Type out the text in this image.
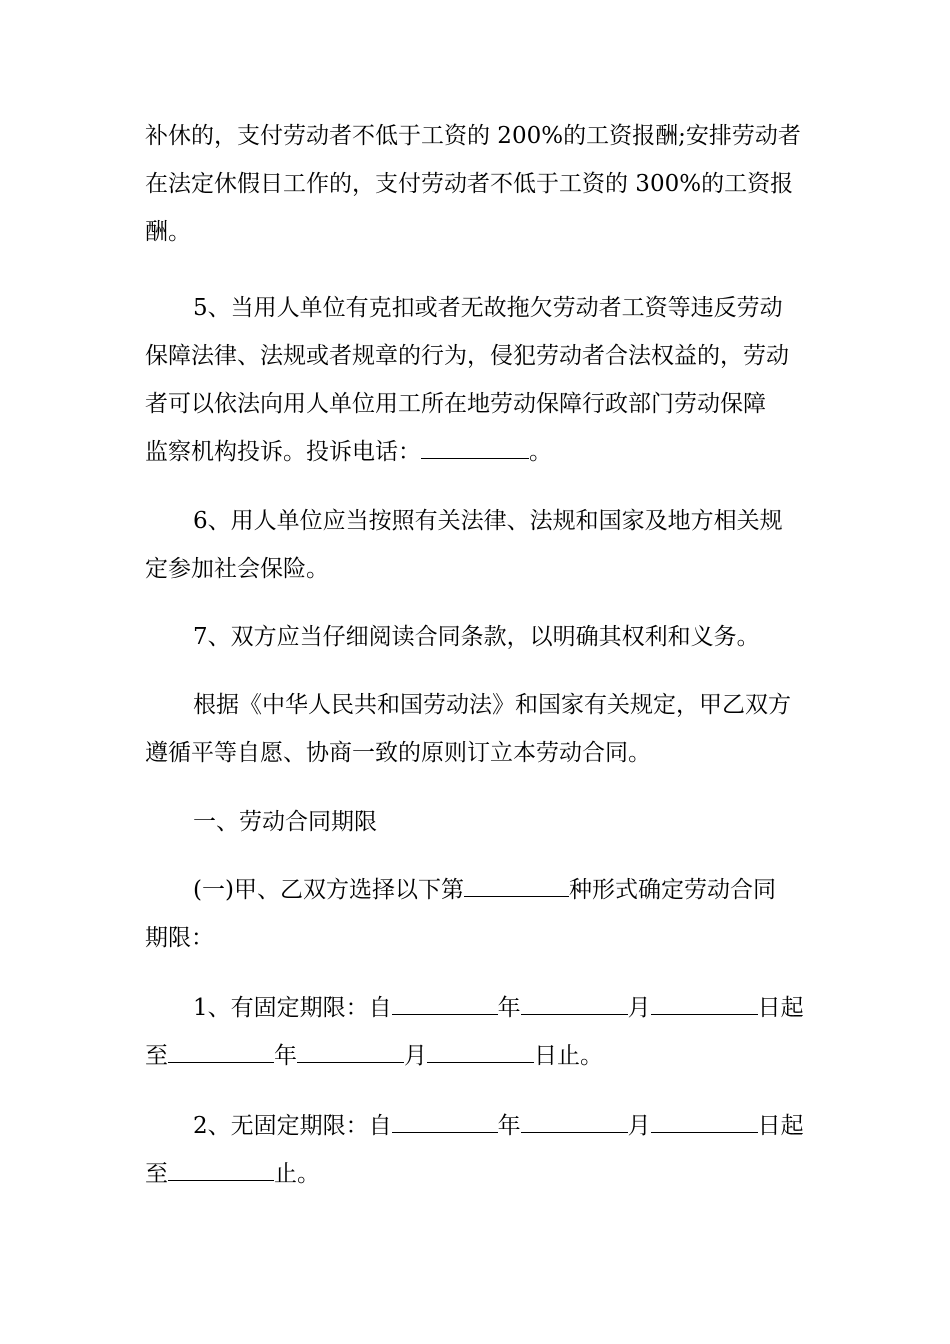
补休的，支付劳动者不低于工资的 200%的工资报酬;安排劳动者
在法定休假日工作的，支付劳动者不低于工资的 300%的工资报
酬。
5、当用人单位有克扣或者无故拖欠劳动者工资等违反劳动
保障法律、法规或者规章的行为，侵犯劳动者合法权益的，劳动
者可以依法向用人单位用工所在地劳动保障行政部门劳动保障
监察机构投诉。投诉电话：	。
6、用人单位应当按照有关法律、法规和国家及地方相关规
定参加社会保险。
7、双方应当仔细阅读合同条款，以明确其权利和义务。
根据《中华人民共和国劳动法》和国家有关规定，甲乙双方
遵循平等自愿、协商一致的原则订立本劳动合同。
一、劳动合同期限
(一)甲、乙双方选择以下第	种形式确定劳动合同
期限：
1、有固定期限：自	年	月	日起
至	年	月	日止。
2、无固定期限：自	年	月	日起
至	止。
